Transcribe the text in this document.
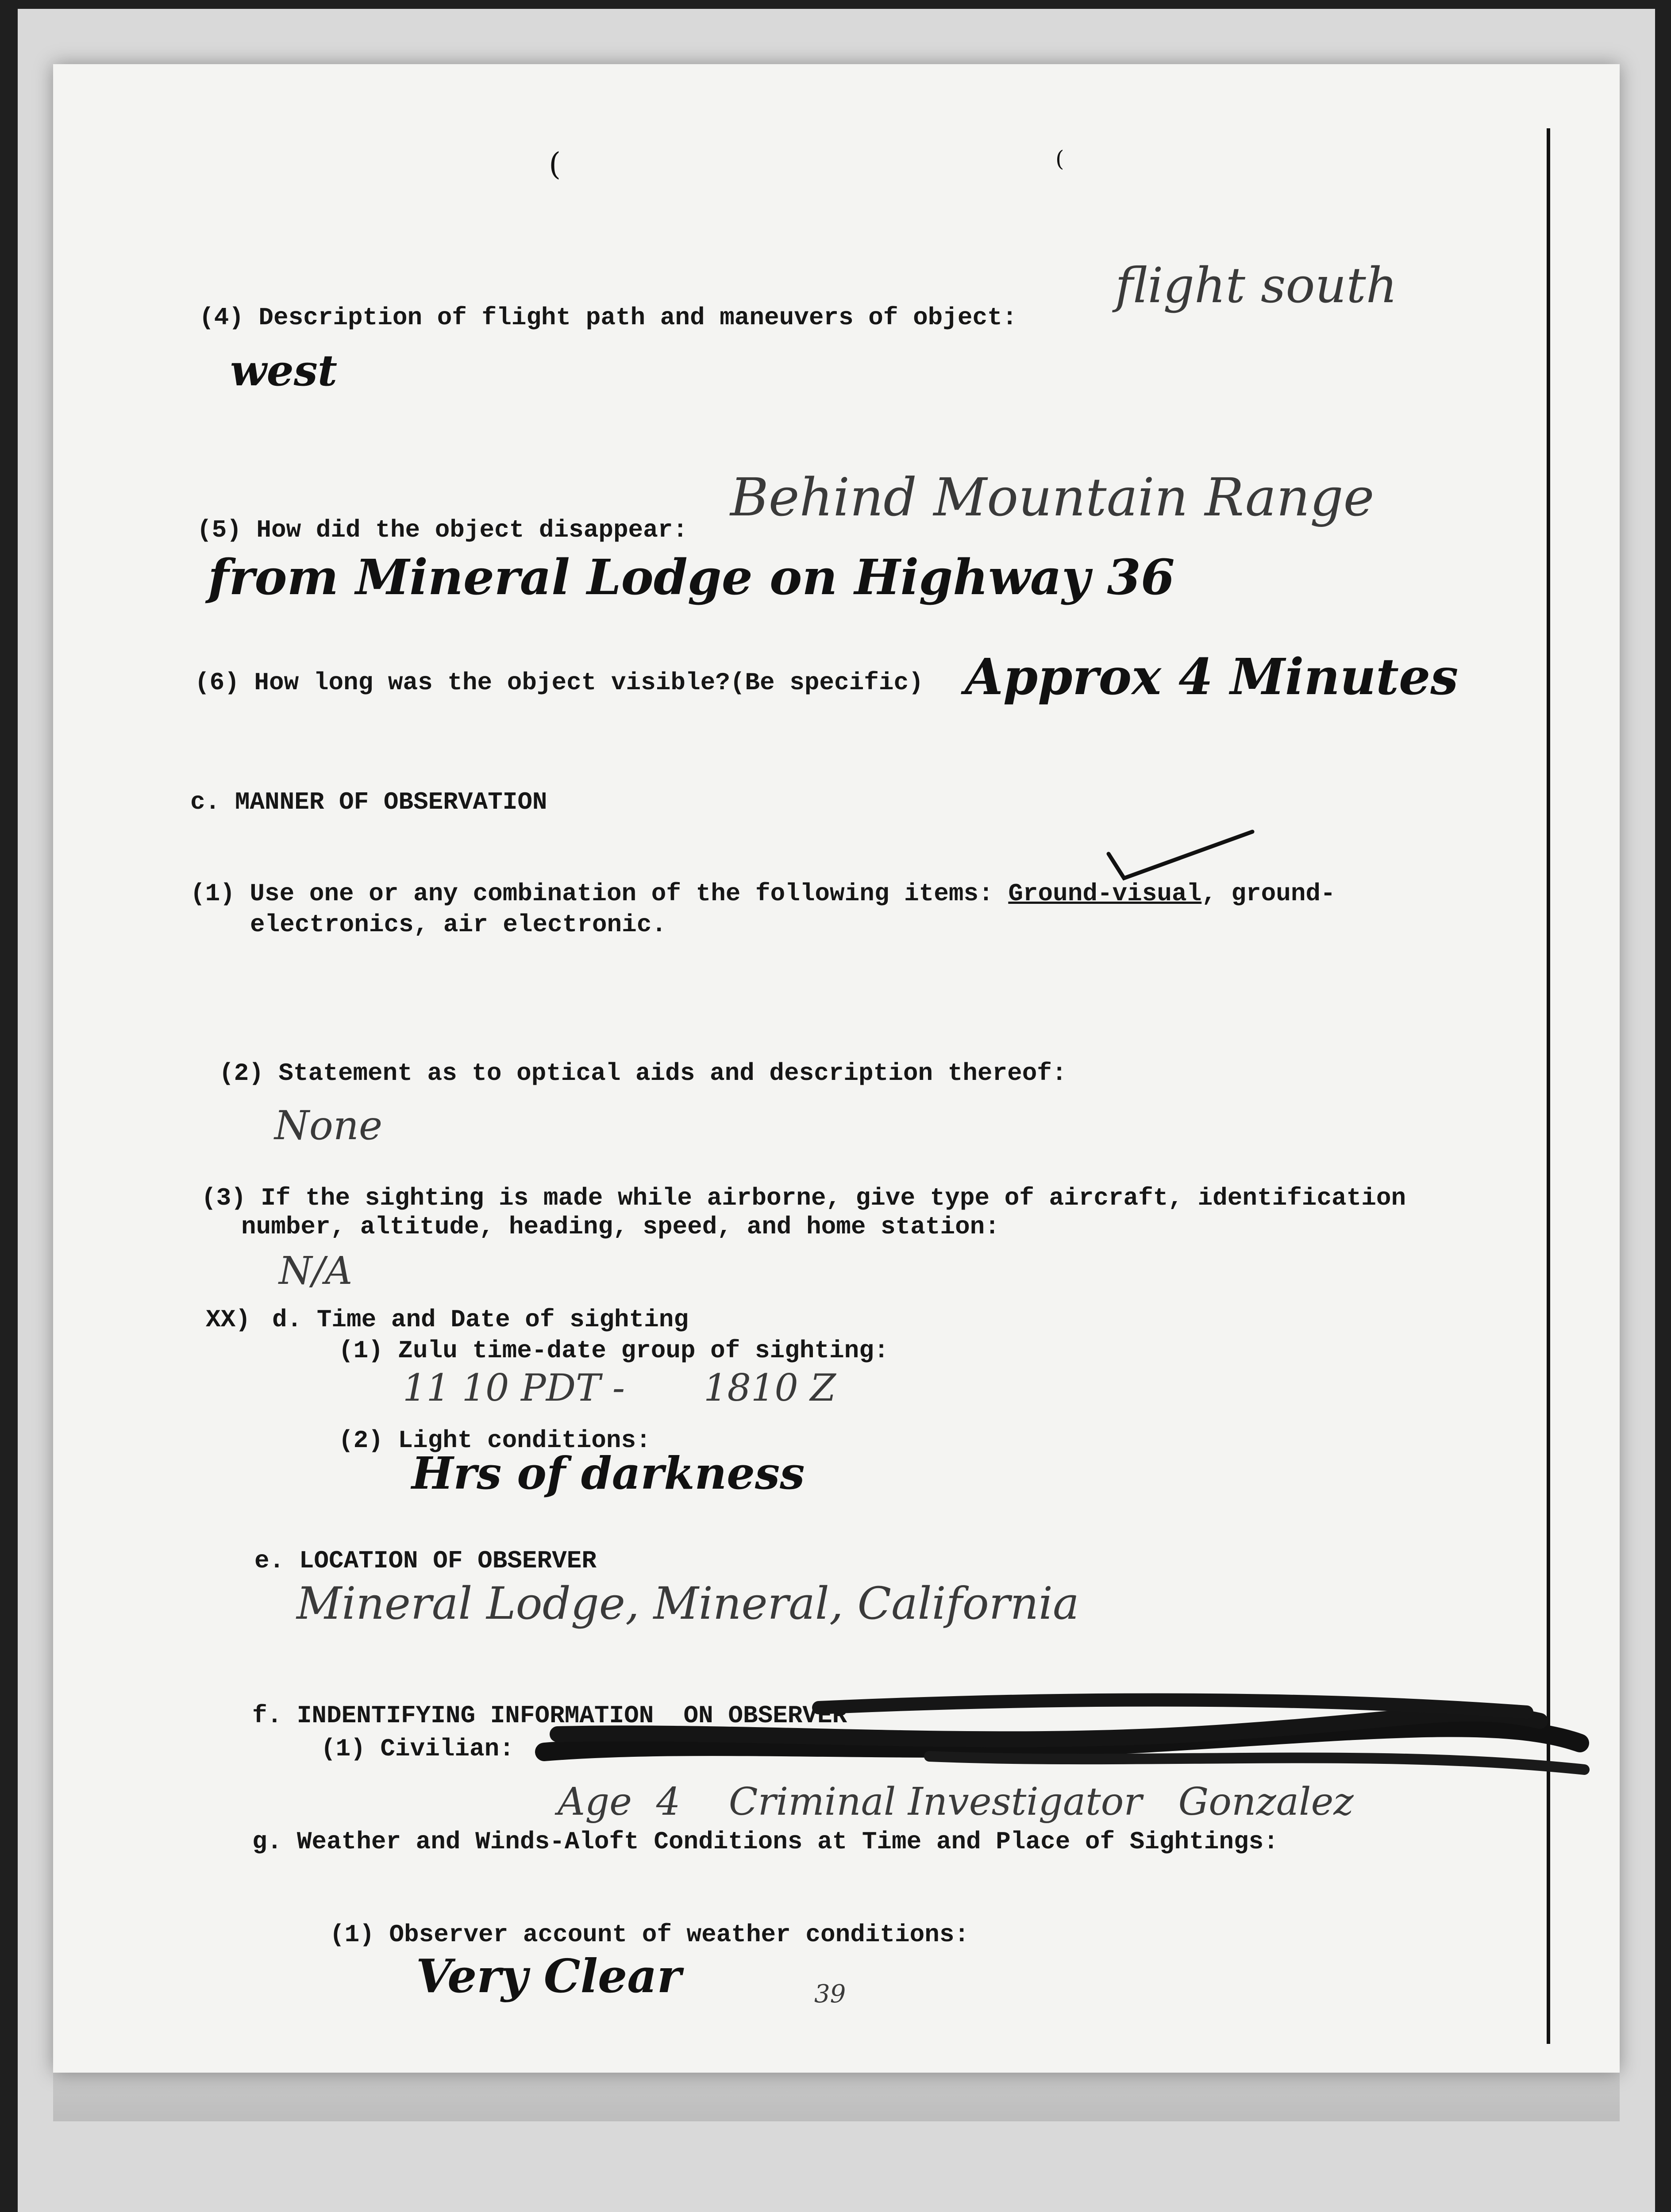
(	(
(4) Description of flight path and maneuvers of object:
flight south
west
(5) How did the object disappear:
Behind Mountain Range
from Mineral Lodge on Highway 36
(6) How long was the object visible?(Be specific) Approx 4 Minutes
c. MANNER OF OBSERVATION
(1) Use one or any combination of the following items: Ground-visual, ground-
electronics, air electronic.
(2) Statement as to optical aids and description thereof:
None
(3) If the sighting is made while airborne, give type of aircraft, identification
number, altitude, heading, speed, and home station:
N/A
XX) d. Time and Date of sighting
(1) Zulu time-date group of sighting:
11 10 PDT - 1810 Z
(2) Light conditions:
Hrs of darkness
e. LOCATION OF OBSERVER
Mineral Lodge, Mineral, California
f. INDENTIFYING INFORMATION  ON OBSERVER
(1) Civilian:
Age  4    Criminal Investigator   Gonzalez
g. Weather and Winds-Aloft Conditions at Time and Place of Sightings:
(1) Observer account of weather conditions:
Very Clear	39
